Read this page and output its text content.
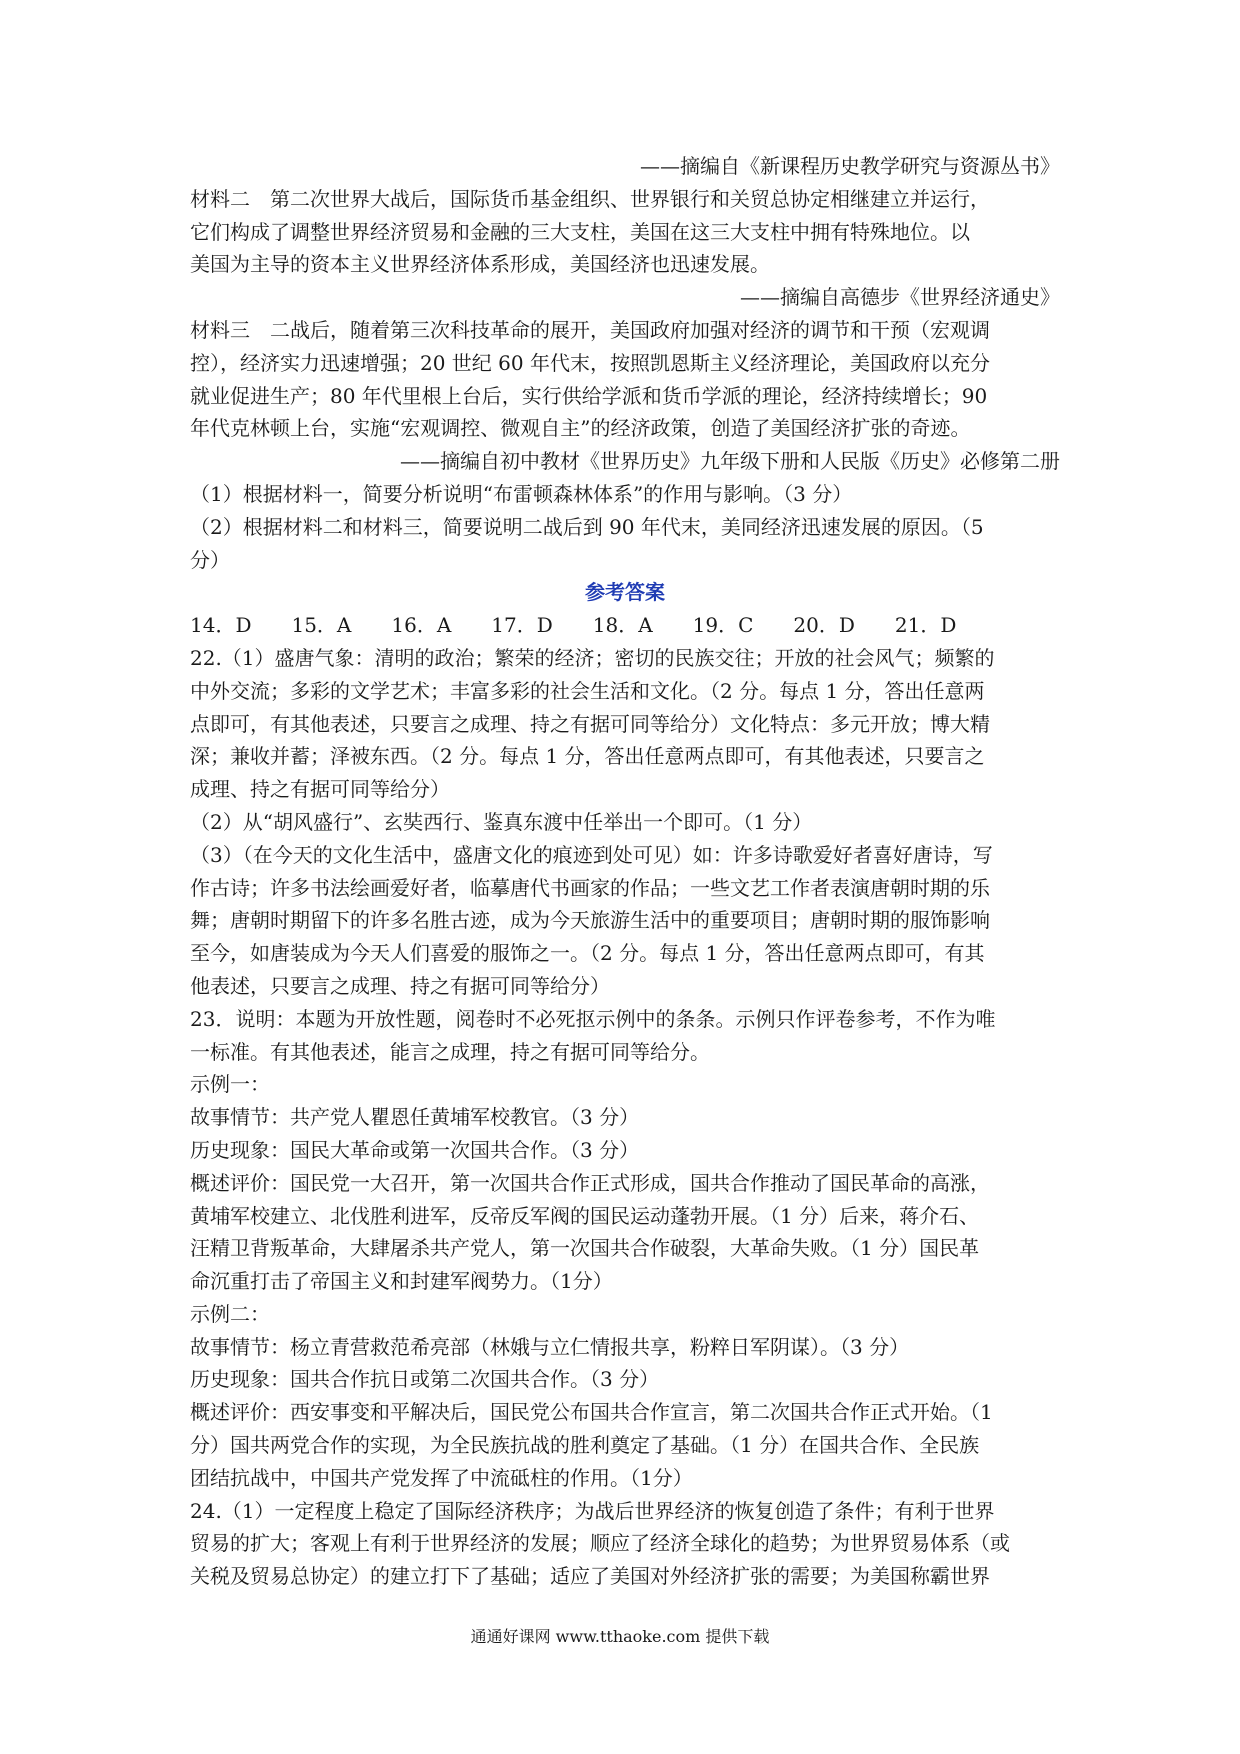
——摘编自《新课程历史教学研究与资源丛书》
材料二　第二次世界大战后，国际货币基金组织、世界银行和关贸总协定相继建立并运行，
它们构成了调整世界经济贸易和金融的三大支柱，美国在这三大支柱中拥有特殊地位。以
美国为主导的资本主义世界经济体系形成，美国经济也迅速发展。
——摘编自高德步《世界经济通史》
材料三　二战后，随着第三次科技革命的展开，美国政府加强对经济的调节和干预（宏观调
控），经济实力迅速增强；20 世纪 60 年代末，按照凯恩斯主义经济理论，美国政府以充分
就业促进生产；80 年代里根上台后，实行供给学派和货币学派的理论，经济持续增长；90
年代克林顿上台，实施“宏观调控、微观自主”的经济政策，创造了美国经济扩张的奇迹。
——摘编自初中教材《世界历史》九年级下册和人民版《历史》必修第二册
（1）根据材料一，简要分析说明“布雷顿森林体系”的作用与影响。（3 分）
（2）根据材料二和材料三，简要说明二战后到 90 年代末，美同经济迅速发展的原因。（5
分）
参考答案
14．D　　15．A　　16．A　　17．D　　18．A　　19．C　　20．D　　21．D
22.（1）盛唐气象：清明的政治；繁荣的经济；密切的民族交往；开放的社会风气；频繁的
中外交流；多彩的文学艺术；丰富多彩的社会生活和文化。（2 分。每点 1 分，答出任意两
点即可，有其他表述，只要言之成理、持之有据可同等给分）文化特点：多元开放；博大精
深；兼收并蓄；泽被东西。（2 分。每点 1 分，答出任意两点即可，有其他表述，只要言之
成理、持之有据可同等给分）
（2）从“胡风盛行”、玄奘西行、鉴真东渡中任举出一个即可。（1 分）
（3）（在今天的文化生活中，盛唐文化的痕迹到处可见）如：许多诗歌爱好者喜好唐诗，写
作古诗；许多书法绘画爱好者，临摹唐代书画家的作品；一些文艺工作者表演唐朝时期的乐
舞；唐朝时期留下的许多名胜古迹，成为今天旅游生活中的重要项目；唐朝时期的服饰影响
至今，如唐装成为今天人们喜爱的服饰之一。（2 分。每点 1 分，答出任意两点即可，有其
他表述，只要言之成理、持之有据可同等给分）
23．说明：本题为开放性题，阅卷时不必死抠示例中的条条。示例只作评卷参考，不作为唯
一标准。有其他表述，能言之成理，持之有据可同等给分。
示例一：
故事情节：共产党人瞿恩任黄埔军校教官。（3 分）
历史现象：国民大革命或第一次国共合作。（3 分）
概述评价：国民党一大召开，第一次国共合作正式形成，国共合作推动了国民革命的高涨，
黄埔军校建立、北伐胜利进军，反帝反军阀的国民运动蓬勃开展。（1 分）后来，蒋介石、
汪精卫背叛革命，大肆屠杀共产党人，第一次国共合作破裂，大革命失败。（1 分）国民革
命沉重打击了帝国主义和封建军阀势力。（1分）
示例二：
故事情节：杨立青营救范希亮部（林娥与立仁情报共享，粉粹日军阴谋）。（3 分）
历史现象：国共合作抗日或第二次国共合作。（3 分）
概述评价：西安事变和平解决后，国民党公布国共合作宣言，第二次国共合作正式开始。（1
分）国共两党合作的实现，为全民族抗战的胜利奠定了基础。（1 分）在国共合作、全民族
团结抗战中，中国共产党发挥了中流砥柱的作用。（1分）
24.（1）一定程度上稳定了国际经济秩序；为战后世界经济的恢复创造了条件；有利于世界
贸易的扩大；客观上有利于世界经济的发展；顺应了经济全球化的趋势；为世界贸易体系（或
关税及贸易总协定）的建立打下了基础；适应了美国对外经济扩张的需要；为美国称霸世界
通通好课网 www.tthaoke.com 提供下载
